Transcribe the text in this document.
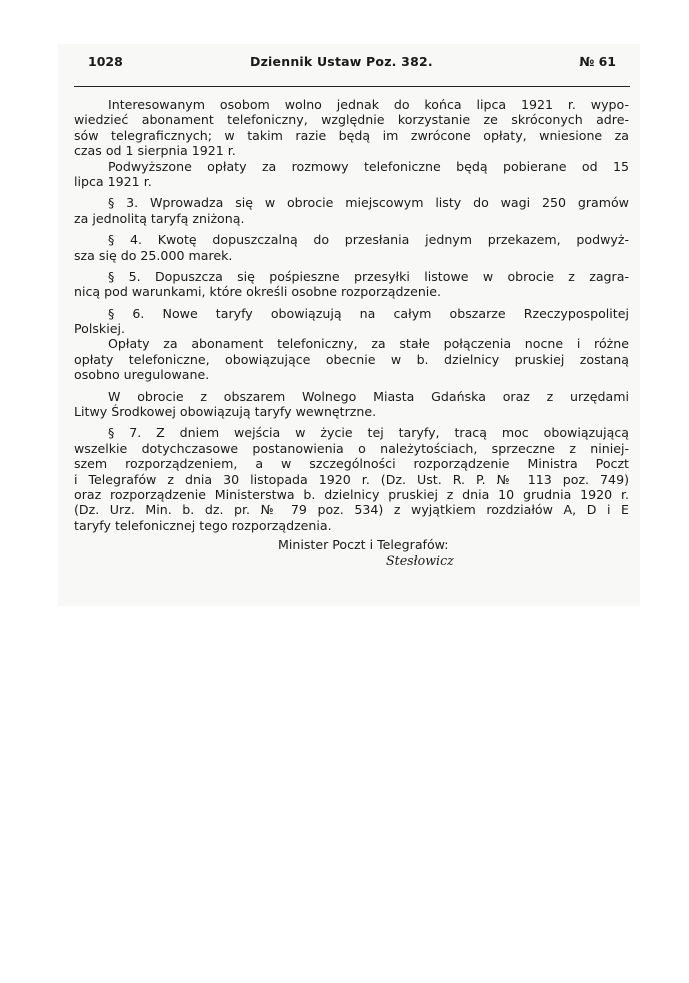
1028	Dziennik Ustaw Poz. 382.	№ 61
Interesowanym osobom wolno jednak do końca lipca 1921 r. wypo-
wiedzieć abonament telefoniczny, względnie korzystanie ze skróconych adre-
sów telegraficznych; w takim razie będą im zwrócone opłaty, wniesione za
czas od 1 sierpnia 1921 r.
Podwyższone opłaty za rozmowy telefoniczne będą pobierane od 15
lipca 1921 r.
§ 3. Wprowadza się w obrocie miejscowym listy do wagi 250 gramów
za jednolitą taryfą zniżoną.
§ 4. Kwotę dopuszczalną do przesłania jednym przekazem, podwyż-
sza się do 25.000 marek.
§ 5. Dopuszcza się pośpieszne przesyłki listowe w obrocie z zagra-
nicą pod warunkami, które określi osobne rozporządzenie.
§ 6. Nowe taryfy obowiązują na całym obszarze Rzeczypospolitej
Polskiej.
Opłaty za abonament telefoniczny, za stałe połączenia nocne i różne
opłaty telefoniczne, obowiązujące obecnie w b. dzielnicy pruskiej zostaną
osobno uregulowane.
W obrocie z obszarem Wolnego Miasta Gdańska oraz z urzędami
Litwy Środkowej obowiązują taryfy wewnętrzne.
§ 7. Z dniem wejścia w życie tej taryfy, tracą moc obowiązującą
wszelkie dotychczasowe postanowienia o należytościach, sprzeczne z niniej-
szem rozporządzeniem, a w szczególności rozporządzenie Ministra Poczt
i Telegrafów z dnia 30 listopada 1920 r. (Dz. Ust. R. P. № 113 poz. 749)
oraz rozporządzenie Ministerstwa b. dzielnicy pruskiej z dnia 10 grudnia 1920 r.
(Dz. Urz. Min. b. dz. pr. № 79 poz. 534) z wyjątkiem rozdziałów A, D i E
taryfy telefonicznej tego rozporządzenia.
Minister Poczt i Telegrafów:
Stesłowicz
